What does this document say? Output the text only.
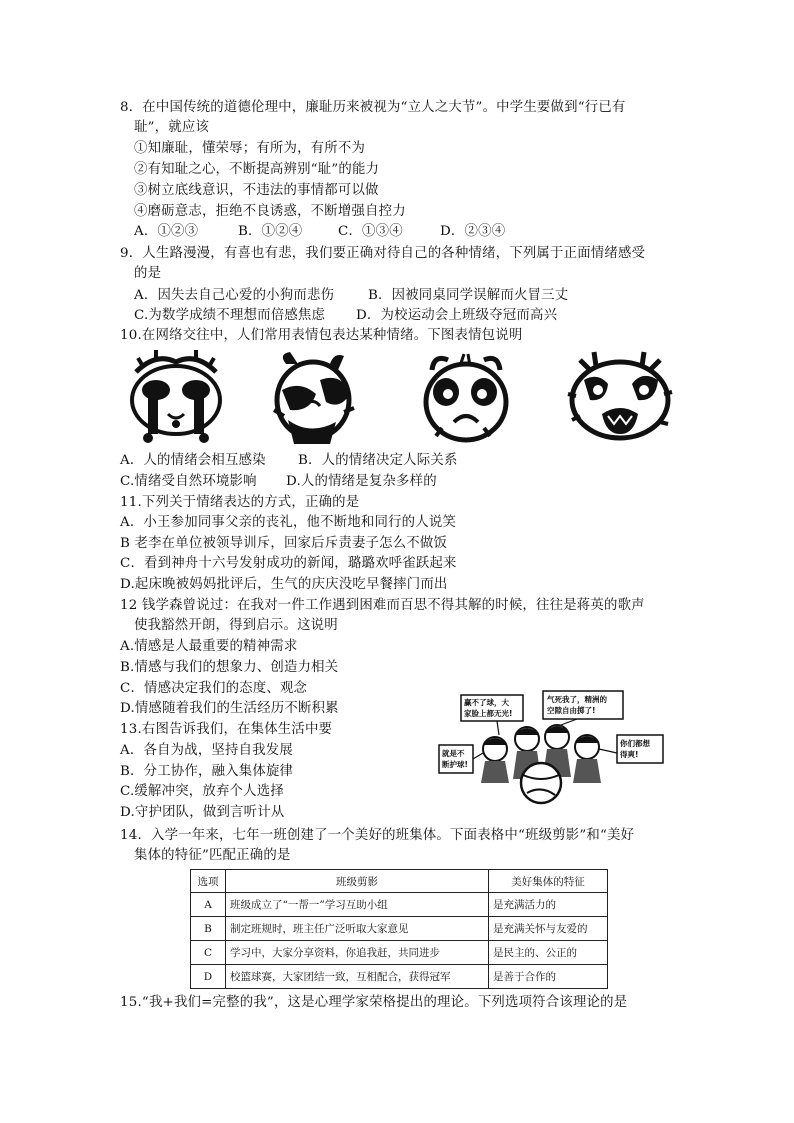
8．在中国传统的道德伦理中，廉耻历来被视为“立人之大节”。中学生要做到“行已有
耻”，就应该
①知廉耻，懂荣辱；有所为，有所不为
②有知耻之心，不断提高辨别“耻”的能力
③树立底线意识，不违法的事情都可以做
④磨砺意志，拒绝不良诱惑，不断增强自控力
A．①②③	B．①②④	C．①③④	D．②③④
9．人生路漫漫，有喜也有悲，我们要正确对待自己的各种情绪，下列属于正面情绪感受
的是
A．因失去自己心爱的小狗而悲伤	B．因被同桌同学误解而火冒三丈
C.为数学成绩不理想而倍感焦虑 D．为校运动会上班级夺冠而高兴
10.在网络交往中，人们常用表情包表达某种情绪。下图表情包说明
A．人的情绪会相互感染 B．人的情绪决定人际关系
C.情绪受自然环境影响 D.人的情绪是复杂多样的
11.下列关于情绪表达的方式，正确的是
A．小王参加同事父亲的丧礼，他不断地和同行的人说笑
B 老李在单位被领导训斥，回家后斥责妻子怎么不做饭
C．看到神舟十六号发射成功的新闻，璐璐欢呼雀跃起来
D.起床晚被妈妈批评后，生气的庆庆没吃早餐摔门而出
12 钱学森曾说过：在我对一件工作遇到困难而百思不得其解的时候，往往是蒋英的歌声
使我豁然开朗，得到启示。这说明
A.情感是人最重要的精神需求
B.情感与我们的想象力、创造力相关
C．情感决定我们的态度、观念
D.情感随着我们的生活经历不断积累
13.右图告诉我们，在集体生活中要
A．各自为战，坚持自我发展
B．分工协作，融入集体旋律
C.缓解冲突，放弃个人选择
D.守护团队，做到言听计从
赢不了球，大
家脸上都无光!
气死我了，精洲的
空隙自由掷了!
就是不
断护球!
你们都想
得爽!
14．入学一年来，七年一班创建了一个美好的班集体。下面表格中“班级剪影”和“美好
集体的特征”匹配正确的是
选项	班级剪影	美好集体的特征
A	班级成立了“一帮一”学习互助小组	是充满活力的
B	制定班规时，班主任广泛听取大家意见	是充满关怀与友爱的
C	学习中，大家分享资料，你追我赶，共同进步	是民主的、公正的
D	校篮球赛，大家团结一致，互相配合，获得冠军	是善于合作的
15.“我+我们=完整的我”，这是心理学家荣格提出的理论。下列选项符合该理论的是
